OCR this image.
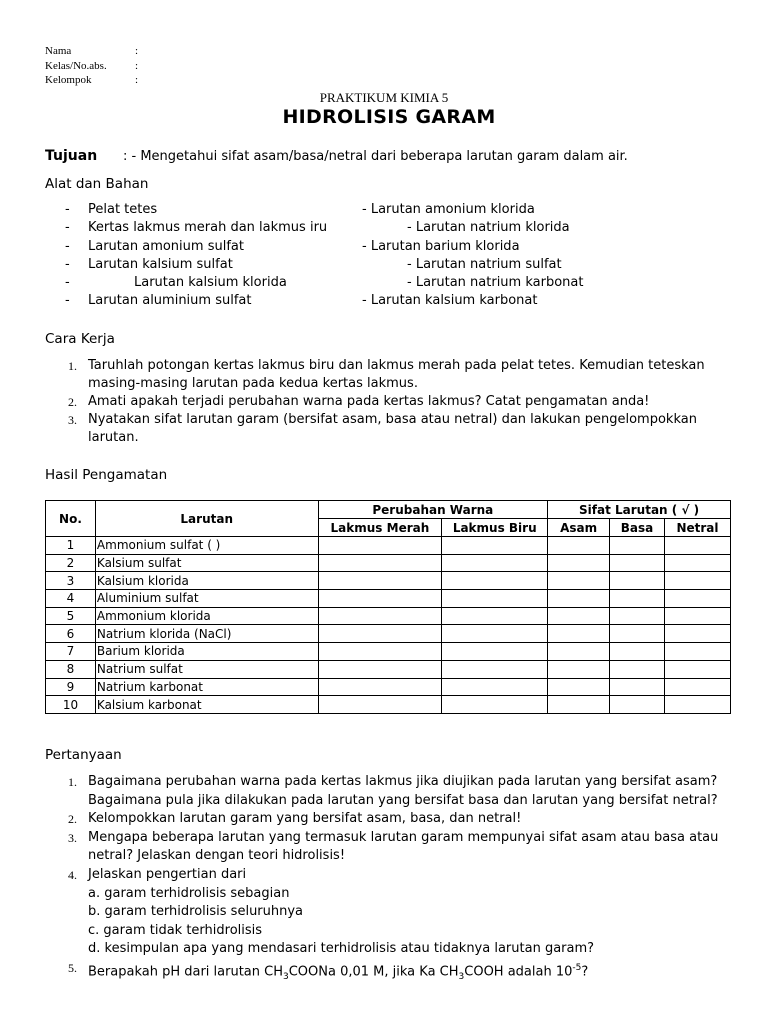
Nama	:
Kelas/No.abs.	:
Kelompok	:
PRAKTIKUM KIMIA 5
HIDROLISIS GARAM
Tujuan	: - Mengetahui sifat asam/basa/netral dari beberapa larutan garam dalam air.
Alat dan Bahan
-	Pelat tetes	- Larutan amonium klorida
-	Kertas lakmus merah dan lakmus iru	- Larutan natrium klorida
-	Larutan amonium sulfat	- Larutan barium klorida
-	Larutan kalsium sulfat	- Larutan natrium sulfat
-	Larutan kalsium klorida	- Larutan natrium karbonat
-	Larutan aluminium sulfat	- Larutan kalsium karbonat
Cara Kerja
1. Taruhlah potongan kertas lakmus biru dan lakmus merah pada pelat tetes. Kemudian teteskan masing-masing larutan pada kedua kertas lakmus.
2. Amati apakah terjadi perubahan warna pada kertas lakmus? Catat pengamatan anda!
3. Nyatakan sifat larutan garam (bersifat asam, basa atau netral) dan lakukan pengelompokkan larutan.
Hasil Pengamatan
No.	Larutan	Perubahan Warna		Sifat Larutan ( √ )		
		Lakmus Merah	Lakmus Biru	Asam	Basa	Netral
1	Ammonium sulfat ( )					
2	Kalsium sulfat					
3	Kalsium klorida					
4	Aluminium sulfat					
5	Ammonium klorida					
6	Natrium klorida (NaCl)					
7	Barium klorida					
8	Natrium sulfat					
9	Natrium karbonat					
10	Kalsium karbonat					
Pertanyaan
1. Bagaimana perubahan warna pada kertas lakmus jika diujikan pada larutan yang bersifat asam? Bagaimana pula jika dilakukan pada larutan yang bersifat basa dan larutan yang bersifat netral?
2. Kelompokkan larutan garam yang bersifat asam, basa, dan netral!
3. Mengapa beberapa larutan yang termasuk larutan garam mempunyai sifat asam atau basa atau netral? Jelaskan dengan teori hidrolisis!
4. Jelaskan pengertian dari
a. garam terhidrolisis sebagian
b. garam terhidrolisis seluruhnya
c. garam tidak terhidrolisis
d. kesimpulan apa yang mendasari terhidrolisis atau tidaknya larutan garam?
5. Berapakah pH dari larutan $CH_3COONa$ 0,01 M, jika Ka $CH_3COOH$ adalah $10^{-5}$?
